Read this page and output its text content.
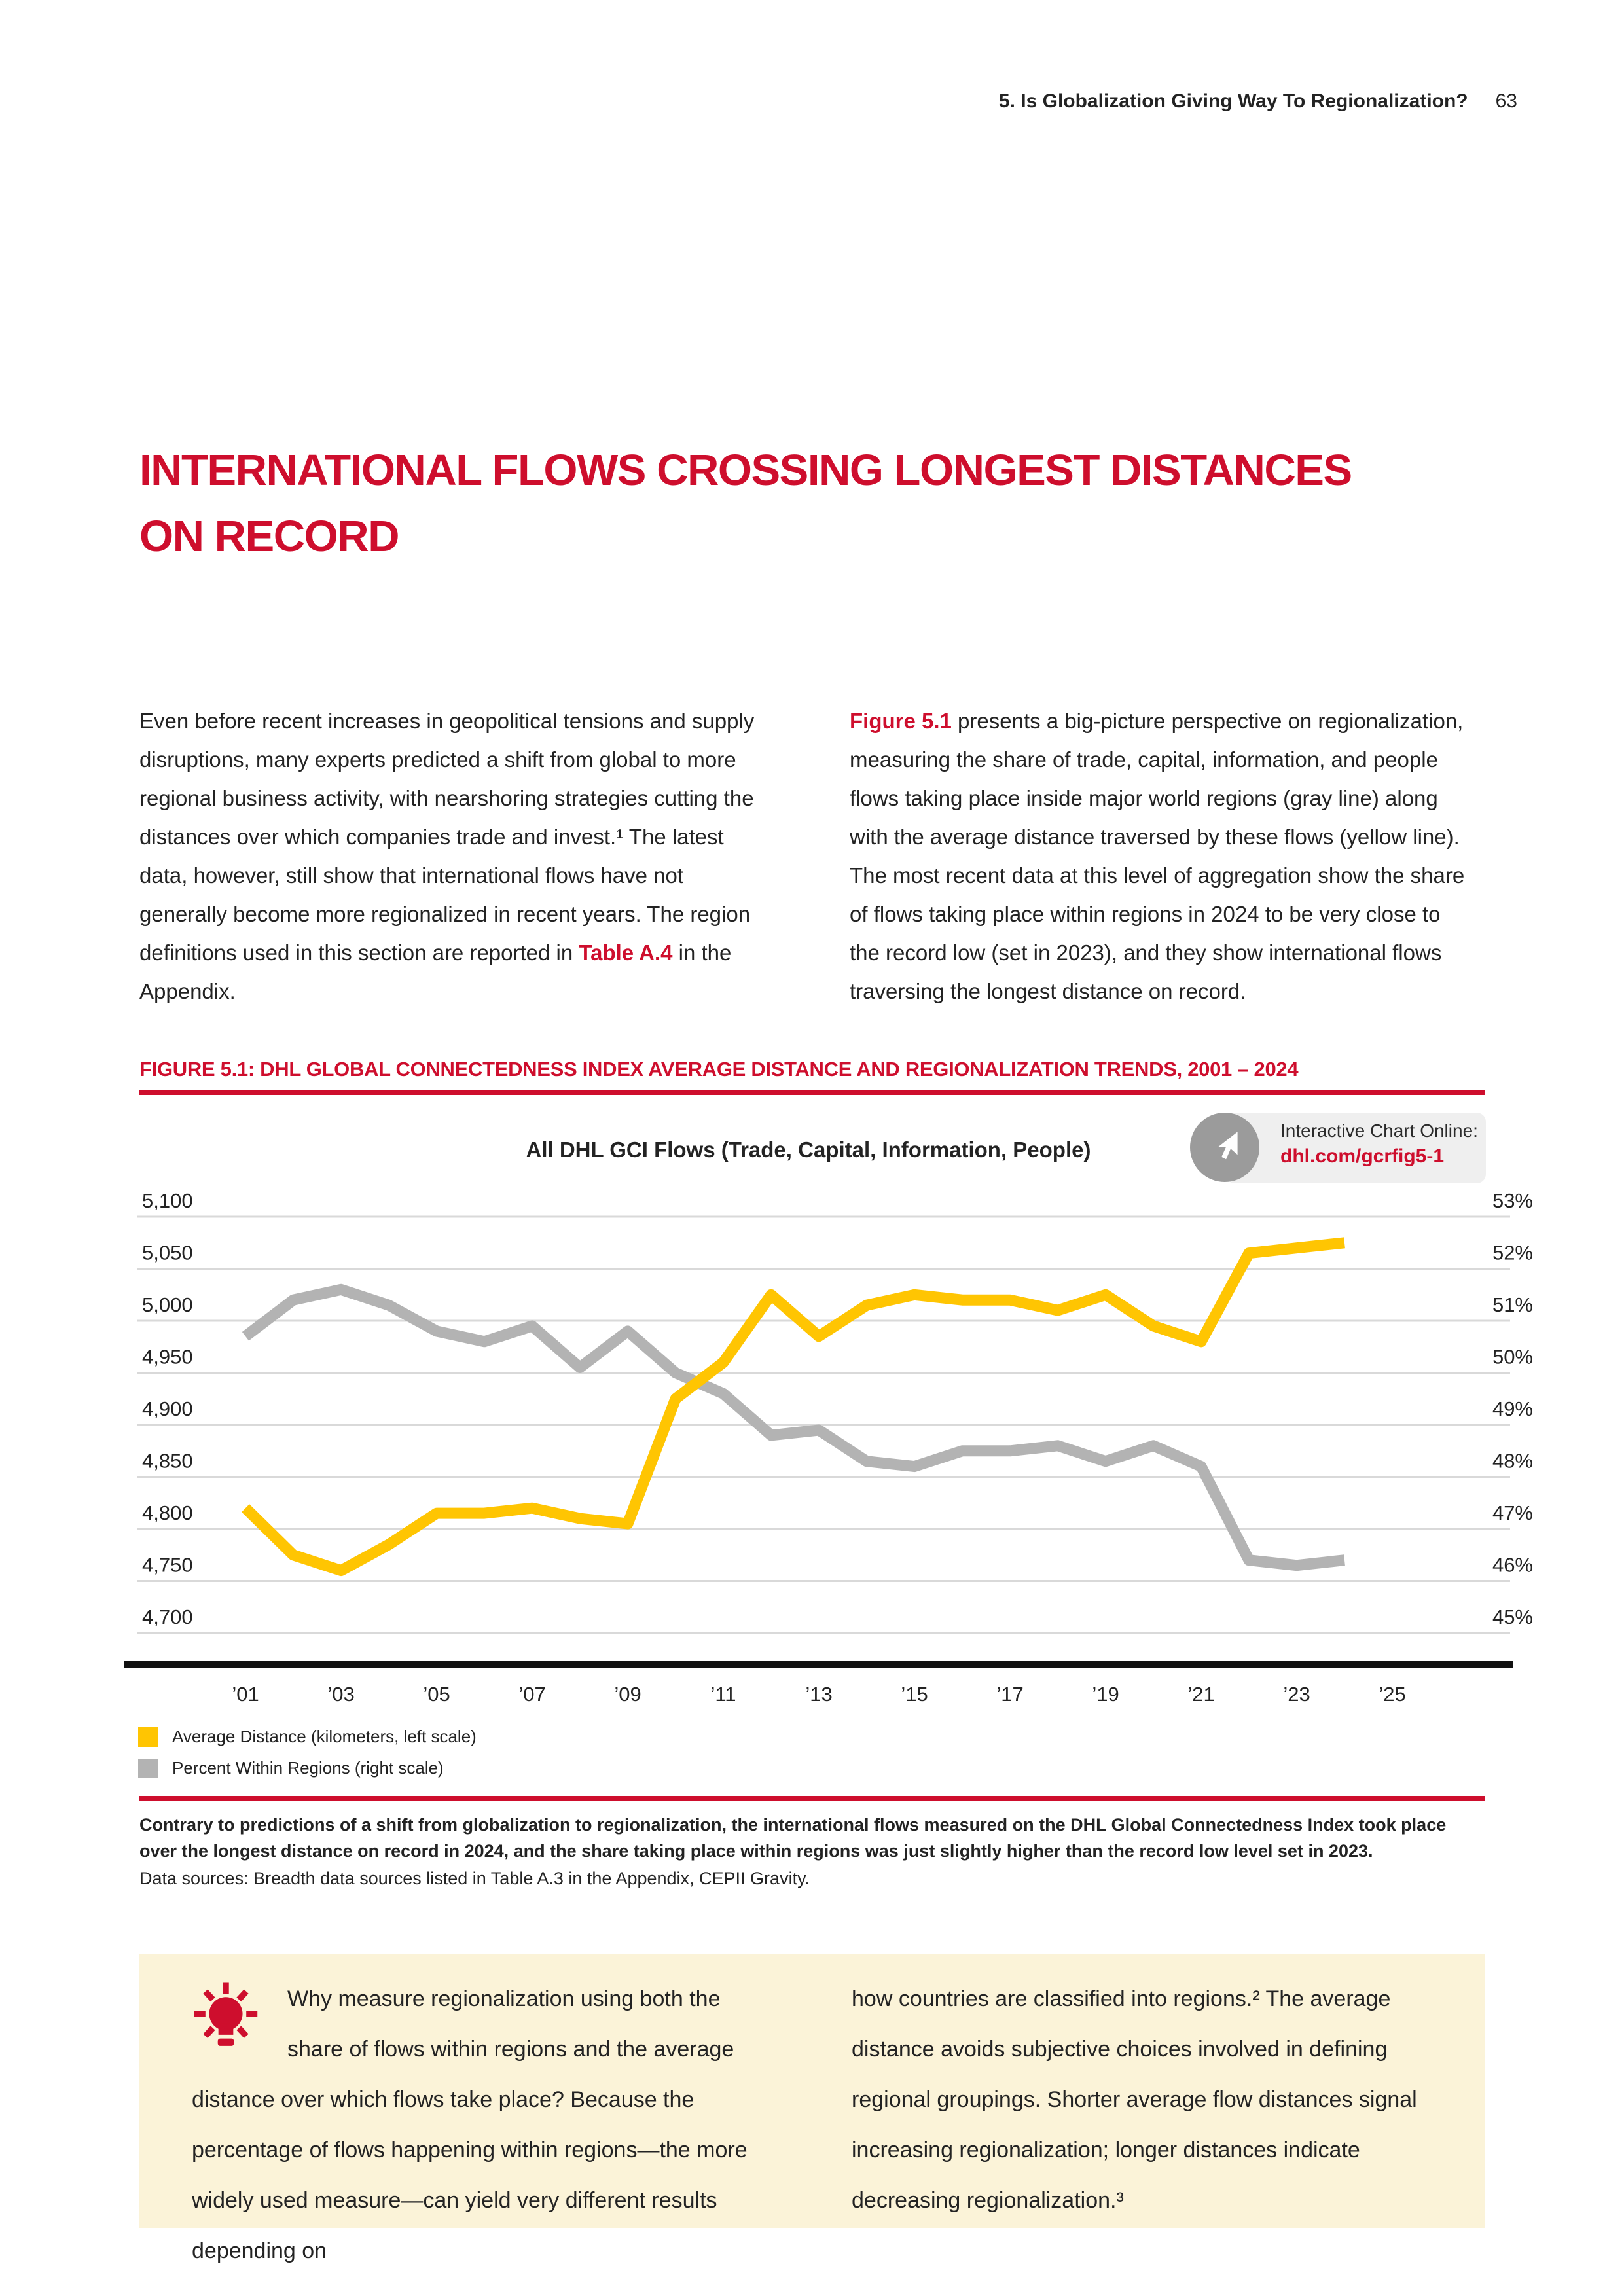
5. Is Globalization Giving Way To Regionalization? 63
INTERNATIONAL FLOWS CROSSING LONGEST DISTANCES
ON RECORD
Even before recent increases in geopolitical tensions and supply disruptions, many experts predicted a shift from global to more regional business activity, with nearshoring strategies cutting the distances over which companies trade and invest.¹ The latest data, however, still show that international flows have not generally become more regionalized in recent years. The region definitions used in this section are reported in Table A.4 in the Appendix.
Figure 5.1 presents a big-picture perspective on regionalization, measuring the share of trade, capital, information, and people flows taking place inside major world regions (gray line) along with the average distance traversed by these flows (yellow line). The most recent data at this level of aggregation show the share of flows taking place within regions in 2024 to be very close to the record low (set in 2023), and they show international flows traversing the longest distance on record.
FIGURE 5.1: DHL GLOBAL CONNECTEDNESS INDEX AVERAGE DISTANCE AND REGIONALIZATION TRENDS, 2001 – 2024
All DHL GCI Flows (Trade, Capital, Information, People)
Interactive Chart Online:
dhl.com/gcrfig5-1
5,100	53%
5,050	52%
5,000	51%
4,950	50%
4,900	49%
4,850	48%
4,800	47%
4,750	46%
4,700	45%
’01	’03	’05	’07	’09	’11	’13	’15	’17	’19	’21	’23	’25
Average Distance (kilometers, left scale)
Percent Within Regions (right scale)
Contrary to predictions of a shift from globalization to regionalization, the international flows measured on the DHL Global Connectedness Index took place over the longest distance on record in 2024, and the share taking place within regions was just slightly higher than the record low level set in 2023.
Data sources: Breadth data sources listed in Table A.3 in the Appendix, CEPII Gravity.
Why measure regionalization using both the share of flows within regions and the average distance over which flows take place? Because the percentage of flows happening within regions—the more widely used measure—can yield very different results depending on
how countries are classified into regions.² The average distance avoids subjective choices involved in defining regional groupings. Shorter average flow distances signal increasing regionalization; longer distances indicate decreasing regionalization.³
